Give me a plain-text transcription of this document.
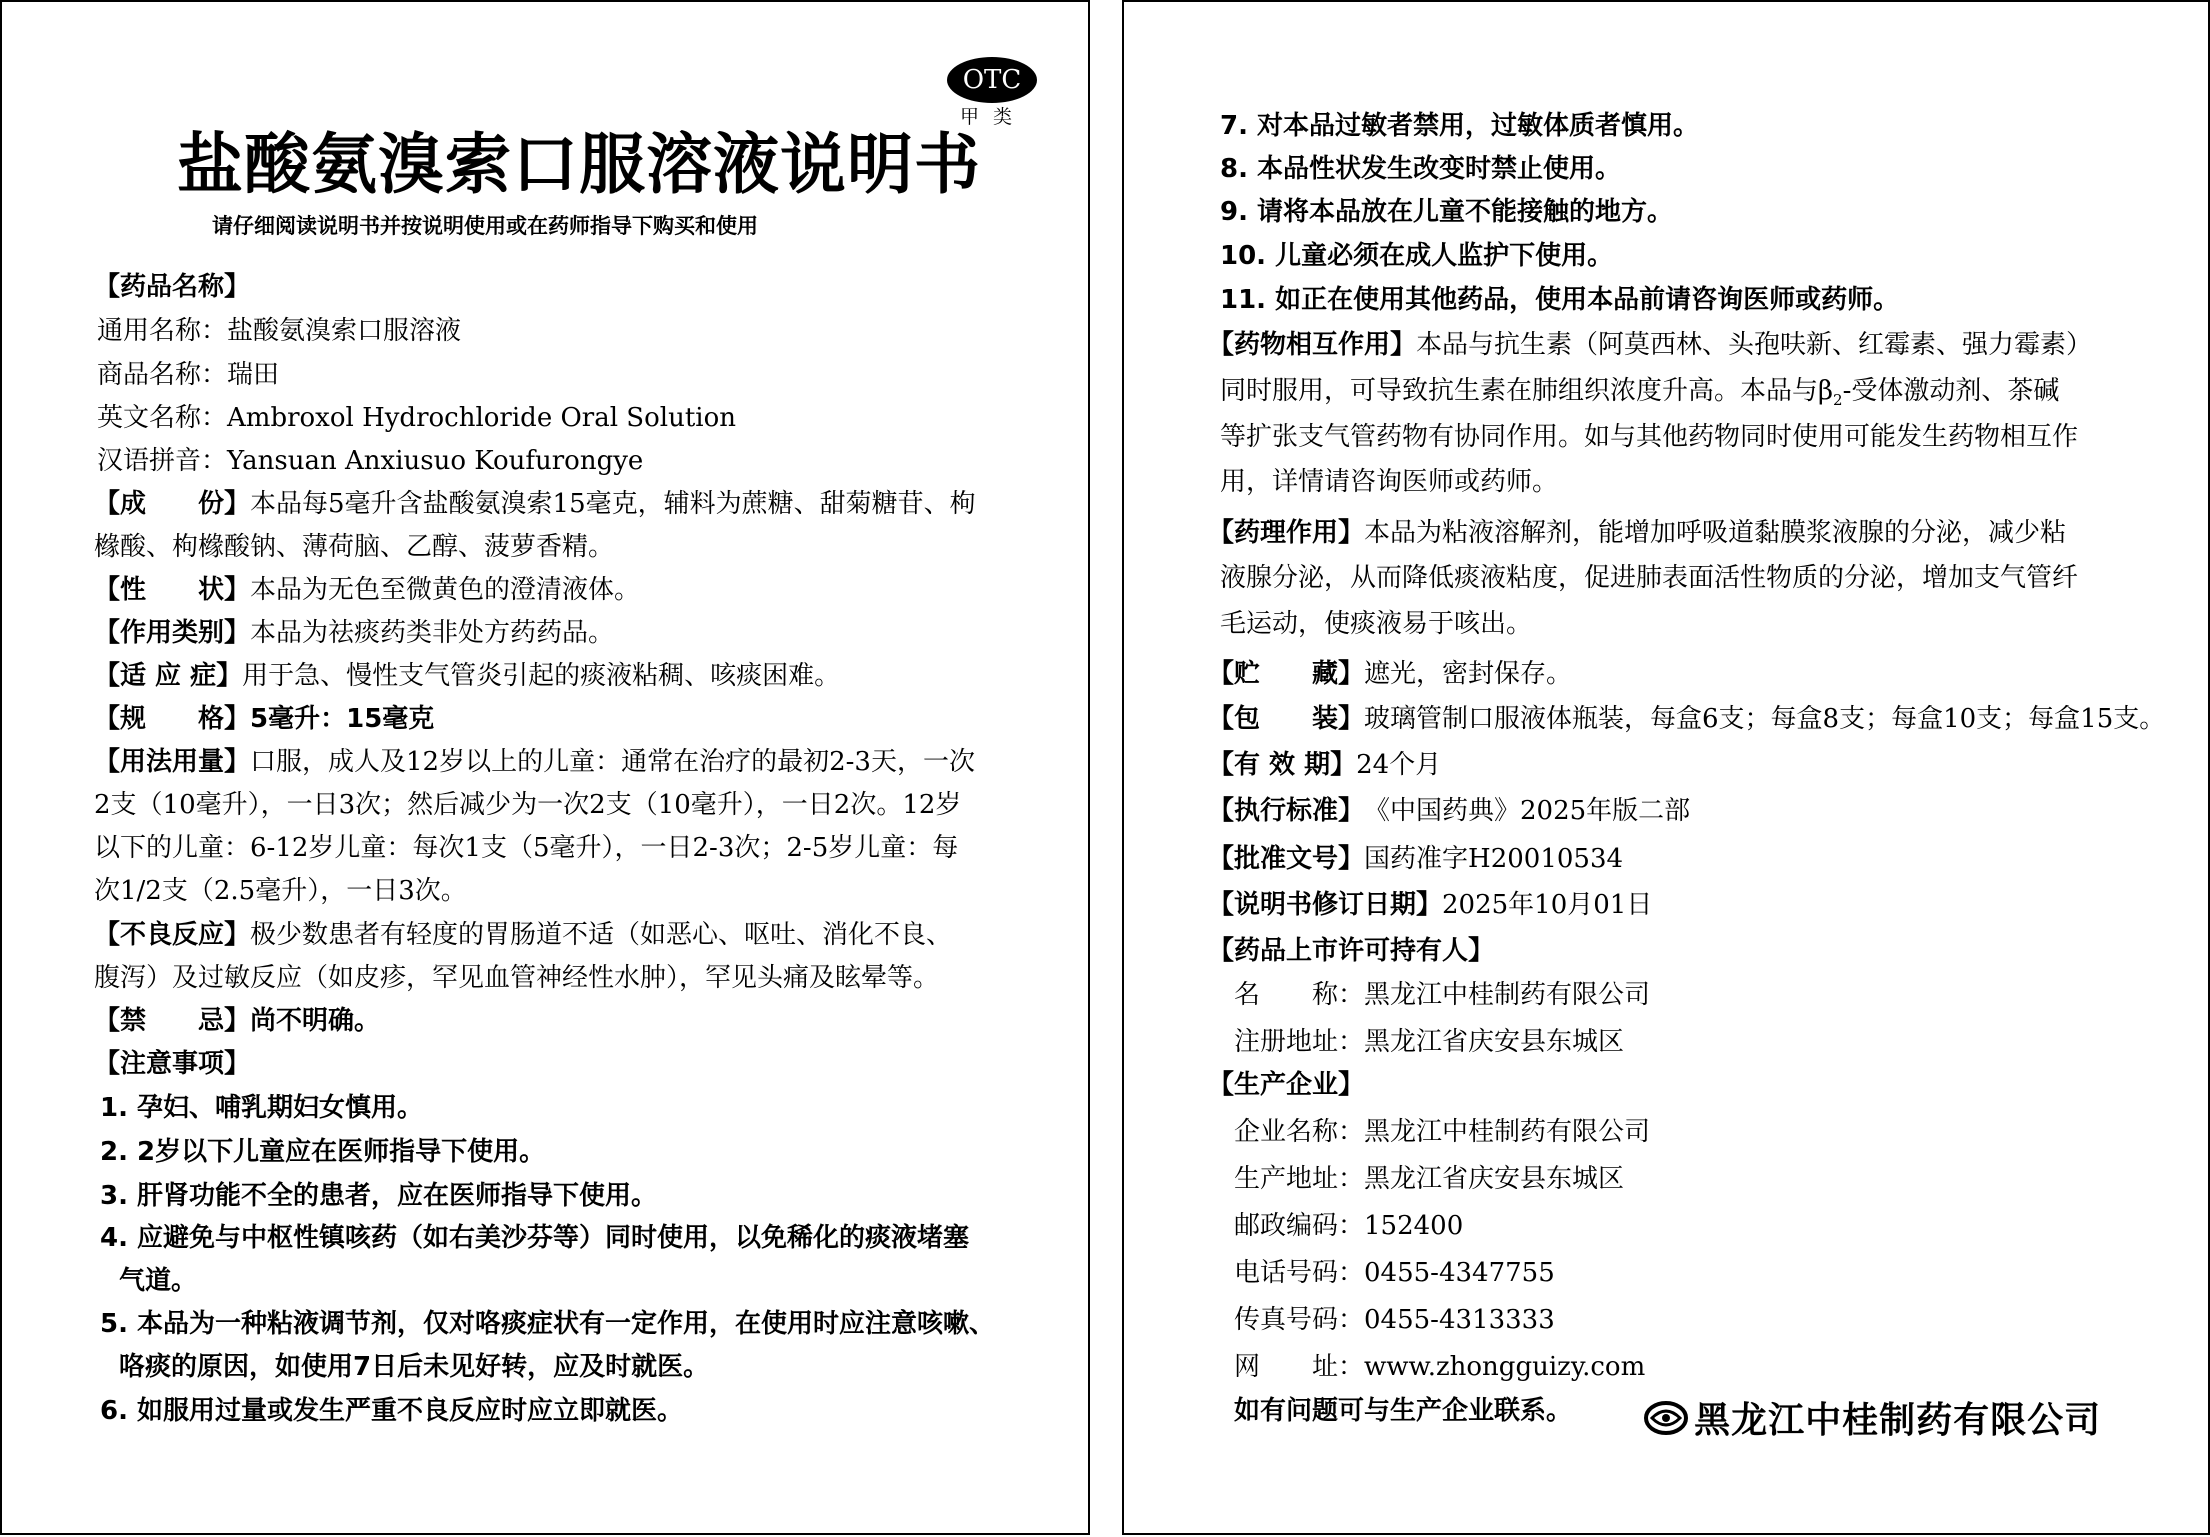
OTC
甲类
盐酸氨溴索口服溶液说明书
请仔细阅读说明书并按说明使用或在药师指导下购买和使用
【药品名称】
通用名称：盐酸氨溴索口服溶液
商品名称：瑞田
英文名称：Ambroxol Hydrochloride Oral Solution
汉语拼音：Yansuan Anxiusuo Koufurongye
【成　　份】本品每5毫升含盐酸氨溴索15毫克，辅料为蔗糖、甜菊糖苷、枸
橼酸、枸橼酸钠、薄荷脑、乙醇、菠萝香精。
【性　　状】本品为无色至微黄色的澄清液体。
【作用类别】本品为祛痰药类非处方药药品。
【适 应 症】用于急、慢性支气管炎引起的痰液粘稠、咳痰困难。
【规　　格】5毫升：15毫克
【用法用量】口服，成人及12岁以上的儿童：通常在治疗的最初2-3天，一次
2支（10毫升），一日3次；然后减少为一次2支（10毫升），一日2次。12岁
以下的儿童：6-12岁儿童：每次1支（5毫升），一日2-3次；2-5岁儿童：每
次1/2支（2.5毫升），一日3次。
【不良反应】极少数患者有轻度的胃肠道不适（如恶心、呕吐、消化不良、
腹泻）及过敏反应（如皮疹，罕见血管神经性水肿），罕见头痛及眩晕等。
【禁　　忌】尚不明确。
【注意事项】
1. 孕妇、哺乳期妇女慎用。
2. 2岁以下儿童应在医师指导下使用。
3. 肝肾功能不全的患者，应在医师指导下使用。
4. 应避免与中枢性镇咳药（如右美沙芬等）同时使用，以免稀化的痰液堵塞
气道。
5. 本品为一种粘液调节剂，仅对咯痰症状有一定作用，在使用时应注意咳嗽、
咯痰的原因，如使用7日后未见好转，应及时就医。
6. 如服用过量或发生严重不良反应时应立即就医。
7. 对本品过敏者禁用，过敏体质者慎用。
8. 本品性状发生改变时禁止使用。
9. 请将本品放在儿童不能接触的地方。
10. 儿童必须在成人监护下使用。
11. 如正在使用其他药品，使用本品前请咨询医师或药师。
【药物相互作用】本品与抗生素（阿莫西林、头孢呋新、红霉素、强力霉素）
同时服用，可导致抗生素在肺组织浓度升高。本品与$\beta_2-$受体激动剂、茶碱
等扩张支气管药物有协同作用。如与其他药物同时使用可能发生药物相互作
用，详情请咨询医师或药师。
【药理作用】本品为粘液溶解剂，能增加呼吸道黏膜浆液腺的分泌，减少粘
液腺分泌，从而降低痰液粘度，促进肺表面活性物质的分泌，增加支气管纤
毛运动，使痰液易于咳出。
【贮　　藏】遮光，密封保存。
【包　　装】玻璃管制口服液体瓶装，每盒6支；每盒8支；每盒10支；每盒15支。
【有 效 期】24个月
【执行标准】《中国药典》2025年版二部
【批准文号】国药准字H20010534
【说明书修订日期】2025年10月01日
【药品上市许可持有人】
名　　称：黑龙江中桂制药有限公司
注册地址：黑龙江省庆安县东城区
【生产企业】
企业名称：黑龙江中桂制药有限公司
生产地址：黑龙江省庆安县东城区
邮政编码：152400
电话号码：0455-4347755
传真号码：0455-4313333
网　　址：www.zhongguizy.com
如有问题可与生产企业联系。	黑龙江中桂制药有限公司
